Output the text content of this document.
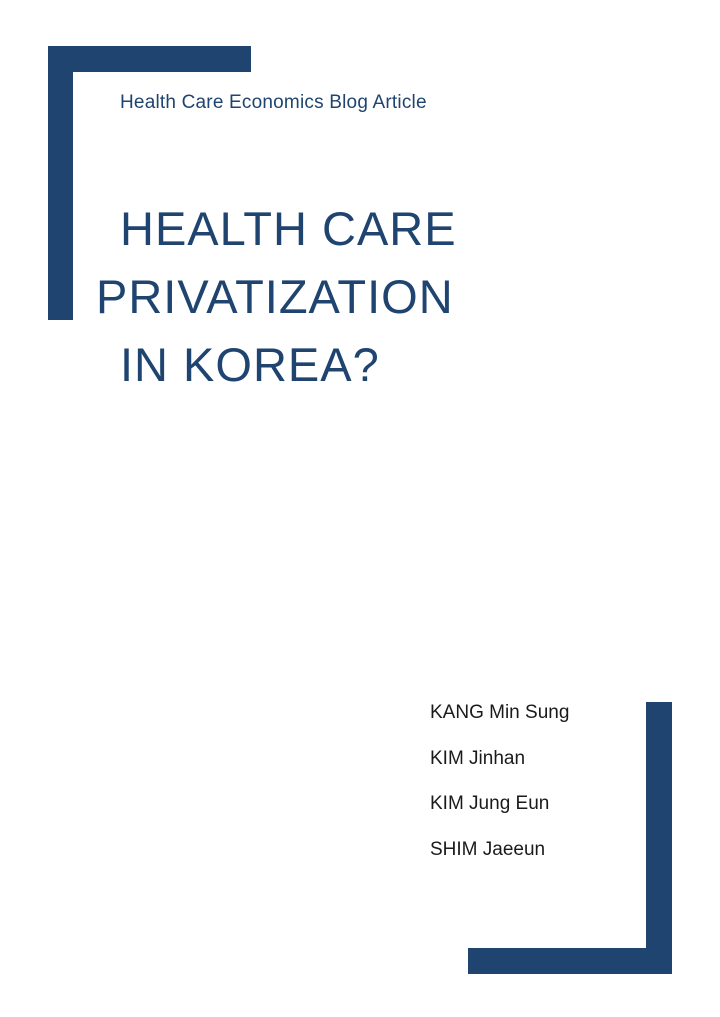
Health Care Economics Blog Article
HEALTH CARE
PRIVATIZATION
IN KOREA?
KANG Min Sung
KIM Jinhan
KIM Jung Eun
SHIM Jaeeun
